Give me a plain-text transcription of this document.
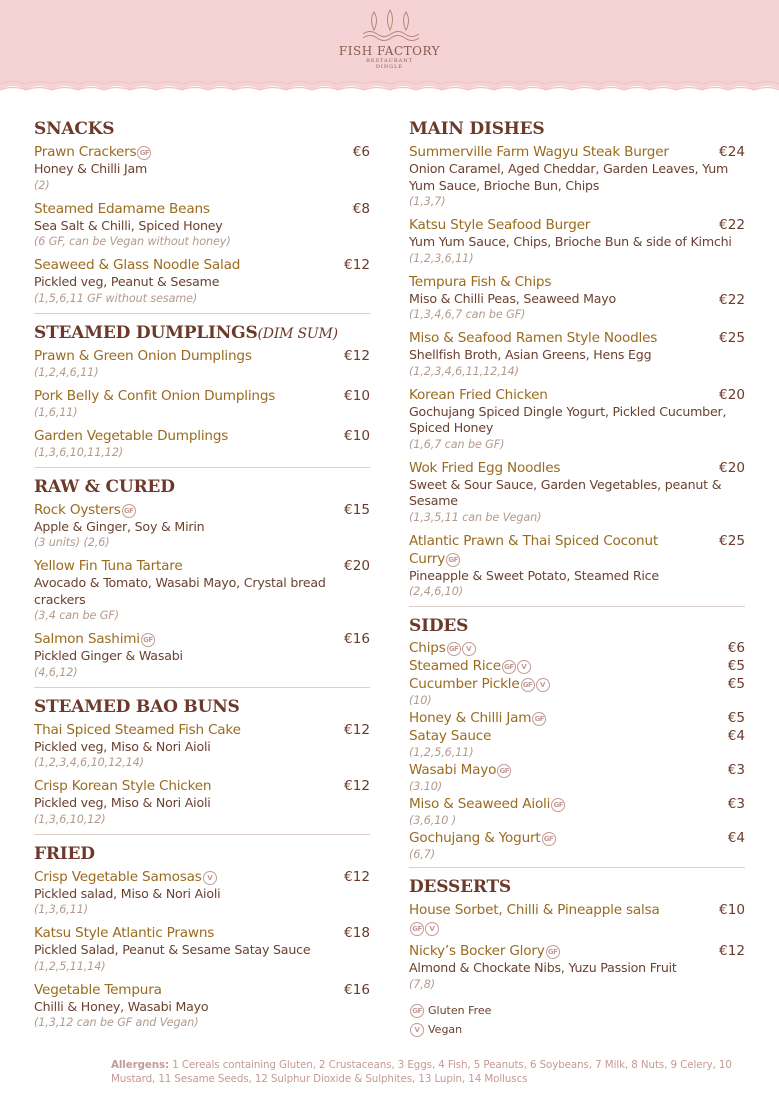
FISH FACTORY
RESTAURANT
DINGLE
SNACKS
Prawn Crackers GF	€6
Honey & Chilli Jam
(2)
Steamed Edamame Beans	€8
Sea Salt & Chilli, Spiced Honey
(6 GF, can be Vegan without honey)
Seaweed & Glass Noodle Salad	€12
Pickled veg, Peanut & Sesame
(1,5,6,11 GF without sesame)
STEAMED DUMPLINGS(DIM SUM)
Prawn & Green Onion Dumplings	€12
(1,2,4,6,11)
Pork Belly & Confit Onion Dumplings	€10
(1,6,11)
Garden Vegetable Dumplings	€10
(1,3,6,10,11,12)
RAW & CURED
Rock Oysters GF	€15
Apple & Ginger, Soy & Mirin
(3 units) (2,6)
Yellow Fin Tuna Tartare	€20
Avocado & Tomato, Wasabi Mayo, Crystal bread crackers
(3,4 can be GF)
Salmon Sashimi GF	€16
Pickled Ginger & Wasabi
(4,6,12)
STEAMED BAO BUNS
Thai Spiced Steamed Fish Cake	€12
Pickled veg, Miso & Nori Aioli
(1,2,3,4,6,10,12,14)
Crisp Korean Style Chicken	€12
Pickled veg, Miso & Nori Aioli
(1,3,6,10,12)
FRIED
Crisp Vegetable Samosas V	€12
Pickled salad, Miso & Nori Aioli
(1,3,6,11)
Katsu Style Atlantic Prawns	€18
Pickled Salad, Peanut & Sesame Satay Sauce
(1,2,5,11,14)
Vegetable Tempura	€16
Chilli & Honey, Wasabi Mayo
(1,3,12 can be GF and Vegan)
MAIN DISHES
Summerville Farm Wagyu Steak Burger	€24
Onion Caramel, Aged Cheddar, Garden Leaves, Yum Yum Sauce, Brioche Bun, Chips
(1,3,7)
Katsu Style Seafood Burger	€22
Yum Yum Sauce, Chips, Brioche Bun & side of Kimchi
(1,2,3,6,11)
Tempura Fish & Chips
€22
Miso & Chilli Peas, Seaweed Mayo
(1,3,4,6,7 can be GF)
Miso & Seafood Ramen Style Noodles	€25
Shellfish Broth, Asian Greens, Hens Egg
(1,2,3,4,6,11,12,14)
Korean Fried Chicken	€20
Gochujang Spiced Dingle Yogurt, Pickled Cucumber, Spiced Honey
(1,6,7 can be GF)
Wok Fried Egg Noodles	€20
Sweet & Sour Sauce, Garden Vegetables, peanut & Sesame
(1,3,5,11 can be Vegan)
Atlantic Prawn & Thai Spiced Coconut Curry GF
€25
Pineapple & Sweet Potato, Steamed Rice
(2,4,6,10)
SIDES
Chips GF V	€6
Steamed Rice GF V	€5
Cucumber Pickle GF V	€5
(10)
Honey & Chilli Jam GF	€5
Satay Sauce	€4
(1,2,5,6,11)
Wasabi Mayo GF	€3
(3.10)
Miso & Seaweed Aioli GF	€3
(3,6,10 )
Gochujang & Yogurt GF	€4
(6,7)
DESSERTS
House Sorbet, Chilli & Pineapple salsa	€10
GF V
Nicky’s Bocker Glory GF	€12
Almond & Chockate Nibs, Yuzu Passion Fruit
(7,8)
GF Gluten Free
V Vegan
Allergens: 1 Cereals containing Gluten, 2 Crustaceans, 3 Eggs, 4 Fish, 5 Peanuts, 6 Soybeans, 7 Milk, 8 Nuts, 9 Celery, 10 Mustard, 11 Sesame Seeds, 12 Sulphur Dioxide & Sulphites, 13 Lupin, 14 Molluscs
